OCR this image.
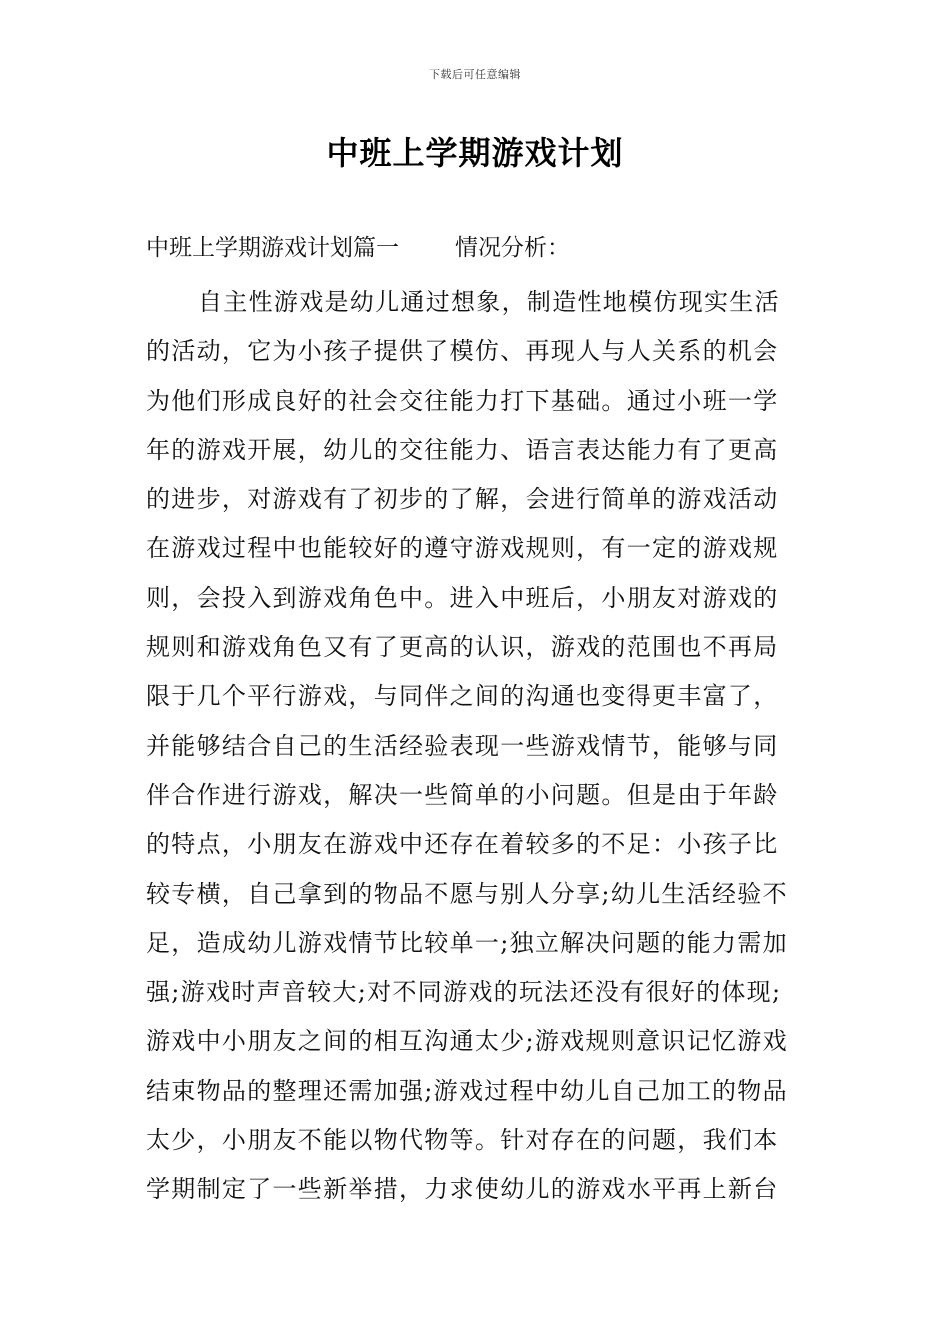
下载后可任意编辑
中班上学期游戏计划
中班上学期游戏计划篇一 情况分析：
自主性游戏是幼儿通过想象，制造性地模仿现实生活
的活动，它为小孩子提供了模仿、再现人与人关系的机会
为他们形成良好的社会交往能力打下基础。通过小班一学
年的游戏开展，幼儿的交往能力、语言表达能力有了更高
的进步，对游戏有了初步的了解，会进行简单的游戏活动
在游戏过程中也能较好的遵守游戏规则，有一定的游戏规
则，会投入到游戏角色中。进入中班后，小朋友对游戏的
规则和游戏角色又有了更高的认识，游戏的范围也不再局
限于几个平行游戏，与同伴之间的沟通也变得更丰富了，
并能够结合自己的生活经验表现一些游戏情节，能够与同
伴合作进行游戏，解决一些简单的小问题。但是由于年龄
的特点，小朋友在游戏中还存在着较多的不足：小孩子比
较专横，自己拿到的物品不愿与别人分享;幼儿生活经验不
足，造成幼儿游戏情节比较单一;独立解决问题的能力需加
强;游戏时声音较大;对不同游戏的玩法还没有很好的体现;
游戏中小朋友之间的相互沟通太少;游戏规则意识记忆游戏
结束物品的整理还需加强;游戏过程中幼儿自己加工的物品
太少，小朋友不能以物代物等。针对存在的问题，我们本
学期制定了一些新举措，力求使幼儿的游戏水平再上新台
